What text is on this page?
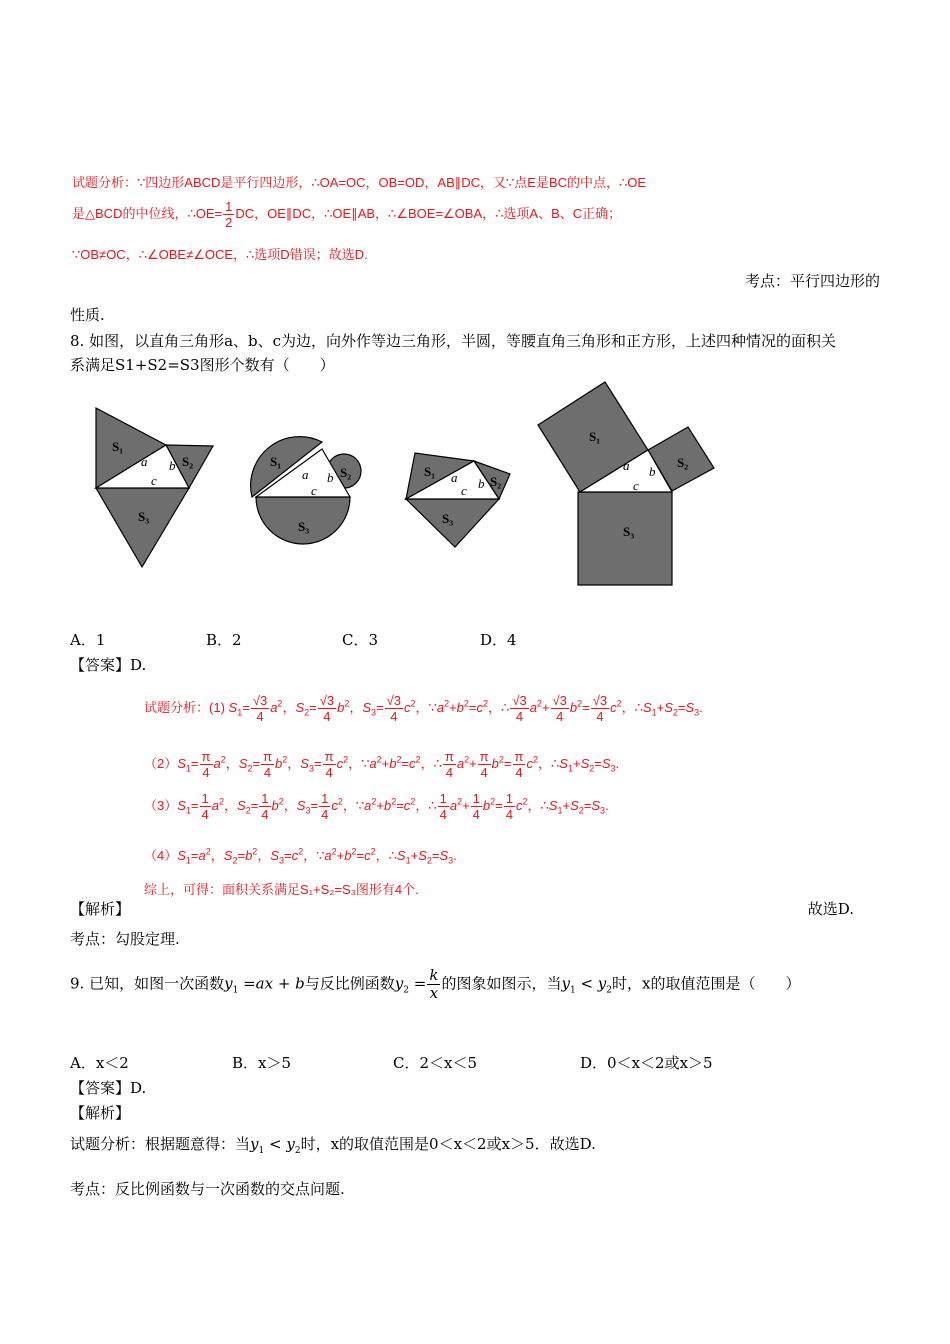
试题分析：∵四边形ABCD是平行四边形，∴OA=OC，OB=OD，AB∥DC，又∵点E是BC的中点，∴OE
是△BCD的中位线，∴OE= $\frac{1}{2}$ DC，OE∥DC，∴OE∥AB，∴∠BOE=∠OBA，∴选项A、B、C正确；
∵OB≠OC，∴∠OBE≠∠OCE，∴选项D错误；故选D.
考点：平行四边形的
性质.
8. 如图，以直角三角形a、b、c为边，向外作等边三角形，半圆，等腰直角三角形和正方形，上述四种情况的面积关
系满足S1+S2=S3图形个数有（　　）
S₁
S₂
S₃
S₁
S₂
S₃
S₁
S₂
S₃
S₁
S₂
S₃
a b
c	a b
c
a b
c
a b
c
A．1	B．2	C．3	D．4
【答案】D.
试题分析：(1) $S_1= \frac{√3}{4} a^2$，$S_2= \frac{√3}{4} b^2$，$S_3= \frac{√3}{4} c^2$，$\because a^2+b^2=c^2$，∴ $\frac{√3}{4} a^2+ \frac{√3}{4} b^2= \frac{√3}{4} c^2$，$\therefore S_1+S_2=S_3$.
$(2)S_1= \frac{\pi}{4} a^2$，$S_2= \frac{\pi}{4} b^2$，$S_3= \frac{\pi}{4} c^2$，$\because a^2+b^2=c^2$，∴ $\frac{\pi}{4} a^2+ \frac{\pi}{4} b^2= \frac{\pi}{4} c^2$，$\therefore S_1+S_2=S_3$.
$(3)S_1= \frac{1}{4} a^2$，$S_2= \frac{1}{4} b^2$，$S_3= \frac{1}{4} c^2$，$\because a^2+b^2=c^2$，∴ $\frac{1}{4} a^2+ \frac{1}{4} b^2= \frac{1}{4} c^2$，$\therefore S_1+S_2=S_3$.
$(4)S_1=a^2$，$S_2=b^2$，$S_3=c^2$，$\because a^2+b^2=c^2$，$\therefore S_1+S_2=S_3$.
综上，可得：面积关系满足S₁+S₂=S₃图形有4个.
【解析】	故选D.
考点：勾股定理.
9. 已知，如图一次函数$y_1 =ax + b$与反比例函数$y_2 = \frac{k}{x}$ 的图象如图示，当$y_1 < y_2$时，x的取值范围是（　　）
A．x＜2	B．x＞5	C．2＜x＜5	D．0＜x＜2或x＞5
【答案】D.
【解析】
试题分析：根据题意得：当$y_1 < y_2$时，x的取值范围是0＜x＜2或x＞5．故选D.
考点：反比例函数与一次函数的交点问题.
